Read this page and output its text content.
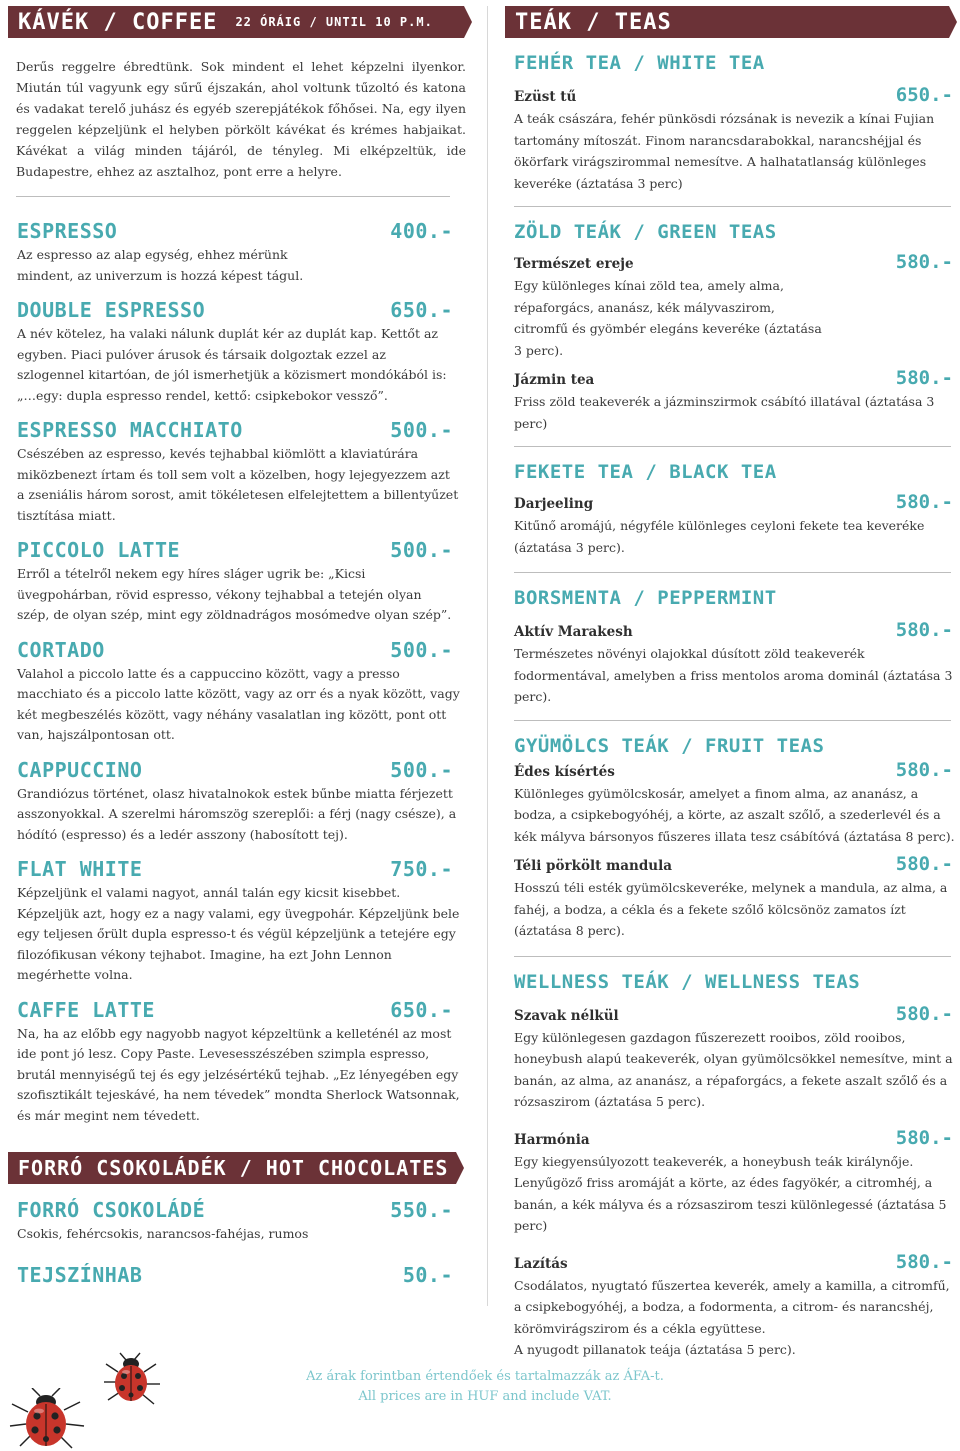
KÁVÉK / COFFEE 22 ÓRÁIG / UNTIL 10 P.M.

Derűs reggelre ébredtünk. Sok mindent el lehet képzelni ilyenkor. Miután túl vagyunk egy sűrű éjszakán, ahol voltunk tűzoltó és katona és vadakat terelő juhász és egyéb szerepjátékok főhősei. Na, egy ilyen reggelen képzeljünk el helyben pörkölt kávékat és krémes habjaikat. Kávékat a világ minden tájáról, de tényleg. Mi elképzeltük, ide Budapestre, ehhez az asztalhoz, pont erre a helyre.

ESPRESSO	400.-

Az espresso az alap egység, ehhez mérünk mindent, az univerzum is hozzá képest tágul.

DOUBLE ESPRESSO	650.-

A név kötelez, ha valaki nálunk duplát kér az duplát kap. Kettőt az egyben. Piaci pulóver árusok és társaik dolgoztak ezzel az szlogennel kitartóan, de jól ismerhetjük a közismert mondókából is: „…egy: dupla espresso rendel, kettő: csipkebokor vessző”.

ESPRESSO MACCHIATO	500.-

Csészében az espresso, kevés tejhabbal kiömlött a klaviatúrára miközbenezt írtam és toll sem volt a közelben, hogy lejegyezzem azt a zseniális három sorost, amit tökéletesen elfelejtettem a billentyűzet tisztítása miatt.

PICCOLO LATTE	500.-

Erről a tételről nekem egy híres sláger ugrik be: „Kicsi üvegpohárban, rövid espresso, vékony tejhabbal a tetején olyan szép, de olyan szép, mint egy zöldnadrágos mosómedve olyan szép”.

CORTADO	500.-

Valahol a piccolo latte és a cappuccino között, vagy a presso macchiato és a piccolo latte között, vagy az orr és a nyak között, vagy két megbeszélés között, vagy néhány vasalatlan ing között, pont ott van, hajszálpontosan ott.

CAPPUCCINO	500.-

Grandiózus történet, olasz hivatalnokok estek bűnbe miatta férjezett asszonyokkal. A szerelmi háromszög szereplői: a férj (nagy csésze), a hódító (espresso) és a ledér asszony (habosított tej).

FLAT WHITE	750.-

Képzeljünk el valami nagyot, annál talán egy kicsit kisebbet. Képzeljük azt, hogy ez a nagy valami, egy üvegpohár. Képzeljünk bele egy teljesen őrült dupla espresso-t és végül képzeljünk a tetejére egy filozófikusan vékony tejhabot. Imagine, ha ezt John Lennon megérhette volna.

CAFFE LATTE	650.-

Na, ha az előbb egy nagyobb nagyot képzeltünk a kelleténél az most ide pont jó lesz. Copy Paste. Levesesszészében szimpla espresso, brutál mennyiségű tej és egy jelzésértékű tejhab. „Ez lényegében egy szofisztikált tejeskávé, ha nem tévedek” mondta Sherlock Watsonnak, és már megint nem tévedett.

FORRÓ CSOKOLÁDÉK / HOT CHOCOLATES
FORRÓ CSOKOLÁDÉ	550.-

Csokis, fehércsokis, narancsos-fahéjas, rumos

TEJSZÍNHAB	50.-
TEÁK / TEAS
FEHÉR TEA / WHITE TEA
Ezüst tű	650.-

A teák császára, fehér pünkösdi rózsának is nevezik a kínai Fujian tartomány mítoszát. Finom narancsdarabokkal, narancshéjjal és ökörfark virágszirommal nemesítve. A halhatatlanság különleges keveréke (áztatása 3 perc)

ZÖLD TEÁK / GREEN TEAS
Természet ereje	580.-

Egy különleges kínai zöld tea, amely alma, répaforgács, ananász, kék mályvaszirom, citromfű és gyömbér elegáns keveréke (áztatása 3 perc).

Jázmin tea	580.-

Friss zöld teakeverék a jázminszirmok csábító illatával (áztatása 3 perc)

FEKETE TEA / BLACK TEA
Darjeeling	580.-

Kitűnő aromájú, négyféle különleges ceyloni fekete tea keveréke (áztatása 3 perc).

BORSMENTA / PEPPERMINT
Aktív Marakesh	580.-

Természetes növényi olajokkal dúsított zöld teakeverék fodormentával, amelyben a friss mentolos aroma dominál (áztatása 3 perc).

GYÜMÖLCS TEÁK / FRUIT TEAS
Édes kísértés	580.-

Különleges gyümölcskosár, amelyet a finom alma, az ananász, a bodza, a csipkebogyóhéj, a körte, az aszalt szőlő, a szederlevél és a kék mályva bársonyos fűszeres illata tesz csábítóvá (áztatása 8 perc).

Téli pörkölt mandula	580.-

Hosszú téli esték gyümölcskeveréke, melynek a mandula, az alma, a fahéj, a bodza, a cékla és a fekete szőlő kölcsönöz zamatos ízt (áztatása 8 perc).

WELLNESS TEÁK / WELLNESS TEAS
Szavak nélkül	580.-

Egy különlegesen gazdagon fűszerezett rooibos, zöld rooibos, honeybush alapú teakeverék, olyan gyümölcsökkel nemesítve, mint a banán, az alma, az ananász, a répaforgács, a fekete aszalt szőlő és a rózsaszirom (áztatása 5 perc).

Harmónia	580.-

Egy kiegyensúlyozott teakeverék, a honeybush teák királynője. Lenyűgöző friss aromáját a körte, az édes fagyökér, a citromhéj, a banán, a kék mályva és a rózsaszirom teszi különlegessé (áztatása 5 perc)

Lazítás	580.-

Csodálatos, nyugtató fűszertea keverék, amely a kamilla, a citromfű, a csipkebogyóhéj, a bodza, a fodormenta, a citrom- és narancshéj, körömvirágszirom és a cékla együttese.

A nyugodt pillanatok teája (áztatása 5 perc).

Az árak forintban értendőek és tartalmazzák az ÁFA-t.
All prices are in HUF and include VAT.
